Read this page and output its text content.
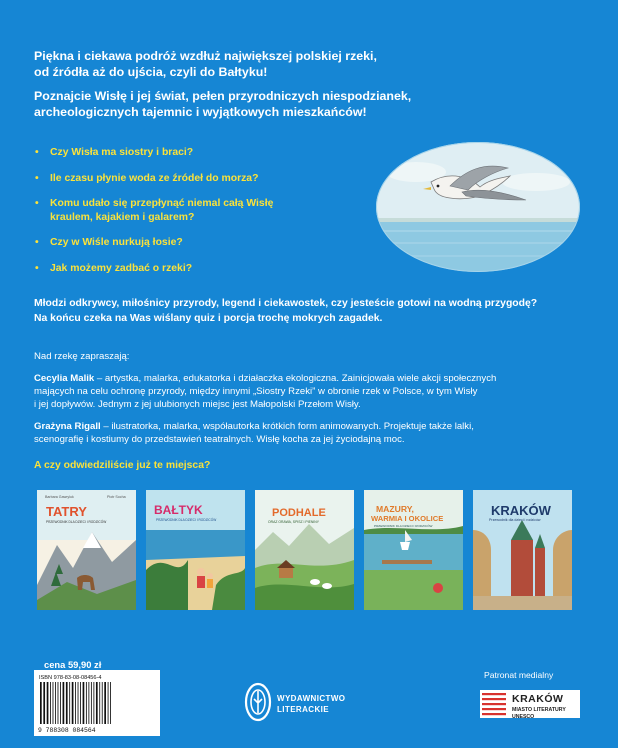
Piękna i ciekawa podróż wzdłuż największej polskiej rzeki,
od źródła aż do ujścia, czyli do Bałtyku!

Poznajcie Wisłę i jej świat, pełen przyrodniczych niespodzianek,
archeologicznych tajemnic i wyjątkowych mieszkańców!

• Czy Wisła ma siostry i braci?
• Ile czasu płynie woda ze źródeł do morza?
• Komu udało się przepłynąć niemal całą Wisłę
kraulem, kajakiem i galarem?
• Czy w Wiśle nurkują łosie?
• Jak możemy zadbać o rzeki?
Młodzi odkrywcy, miłośnicy przyrody, legend i ciekawostek, czy jesteście gotowi na wodną przygodę?
Na końcu czeka na Was wiślany quiz i porcja trochę mokrych zagadek.

Nad rzekę zapraszają:

Cecylia Malik – artystka, malarka, edukatorka i działaczka ekologiczna. Zainicjowała wiele akcji społecznych
mających na celu ochronę przyrody, między innymi „Siostry Rzeki” w obronie rzek w Polsce, w tym Wisły
i jej dopływów. Jednym z jej ulubionych miejsc jest Małopolski Przełom Wisły.

Grażyna Rigall – ilustratorka, malarka, współautorka krótkich form animowanych. Projektuje także lalki,
scenografię i kostiumy do przedstawień teatralnych. Wisłę kocha za jej życiodajną moc.

A czy odwiedziliście już te miejsca?
Barbara Gawryluk	Piotr Socha
TATRY
PRZEWODNIK DLA DZIECI I RODZICÓW
BAŁTYK
PRZEWODNIK DLA DZIECI I RODZICÓW
PODHALE
ORAZ ORAWA, SPISZ I PIENINY
MAZURY,
WARMIA I OKOLICE
PRZEWODNIK DLA DZIECI I RODZICÓW
KRAKÓW
Przewodnik dla dzieci i rodziców
cena 59,90 zł
ISBN 978-83-08-08456-4
9 788308 084564
WYDAWNICTWO
LITERACKIE
Patronat medialny
KRAKÓW
MIASTO LITERATURY
UNESCO
